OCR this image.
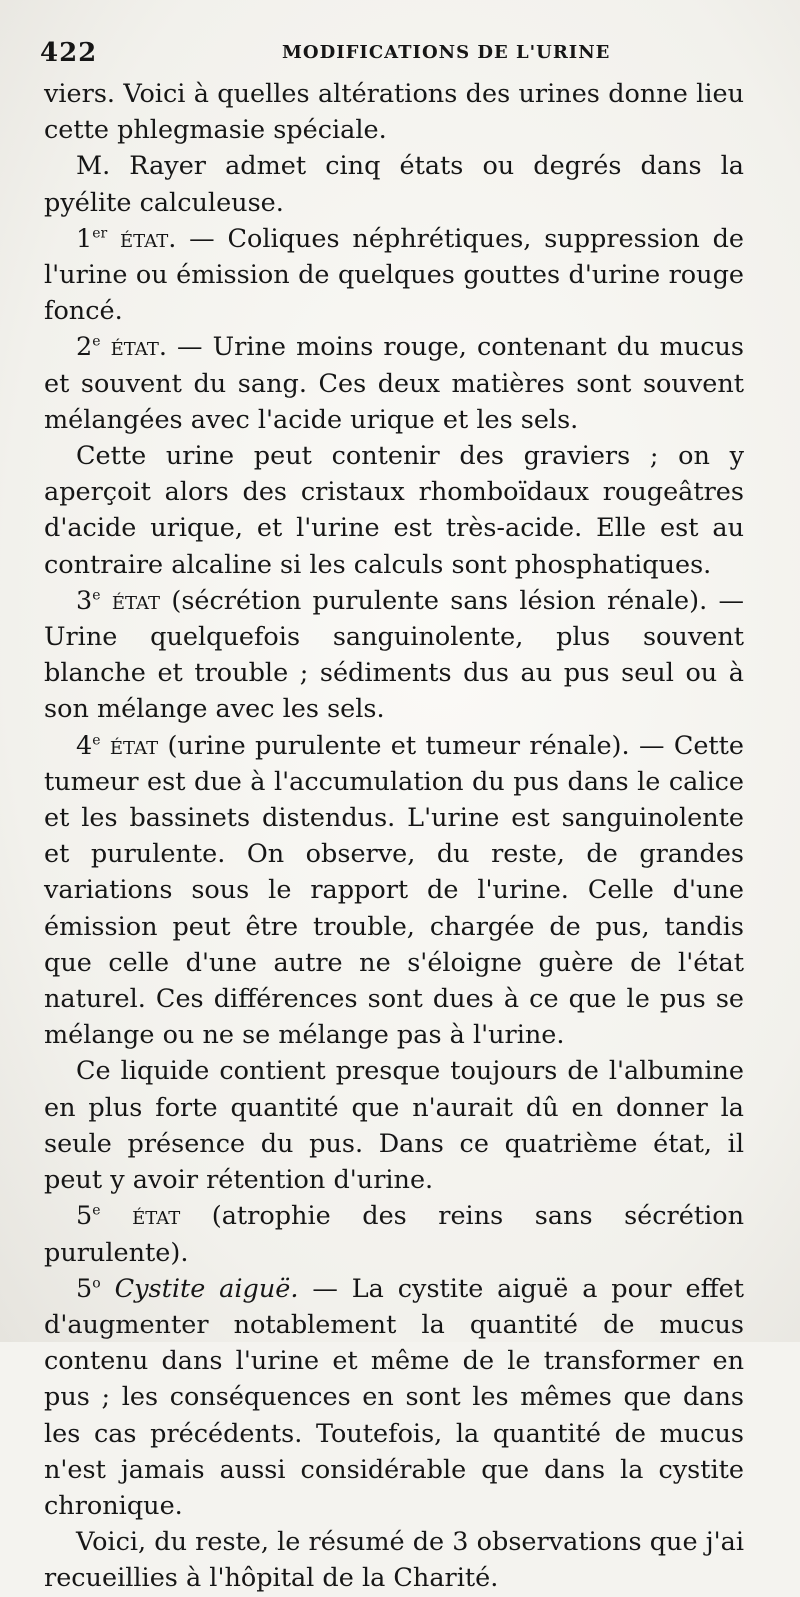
422	MODIFICATIONS DE L'URINE

viers. Voici à quelles altérations des urines donne lieu cette phlegmasie spéciale.

M. Rayer admet cinq états ou degrés dans la pyélite calculeuse.

1er état. — Coliques néphrétiques, suppression de l'urine ou émission de quelques gouttes d'urine rouge foncé.

2e état. — Urine moins rouge, contenant du mucus et souvent du sang. Ces deux matières sont souvent mélangées avec l'acide urique et les sels.

Cette urine peut contenir des graviers ; on y aperçoit alors des cristaux rhomboïdaux rougeâtres d'acide urique, et l'urine est très-acide. Elle est au contraire alcaline si les calculs sont phosphatiques.

3e état (sécrétion purulente sans lésion rénale). — Urine quelquefois sanguinolente, plus souvent blanche et trouble ; sédiments dus au pus seul ou à son mélange avec les sels.

4e état (urine purulente et tumeur rénale). — Cette tumeur est due à l'accumulation du pus dans le calice et les bassinets distendus. L'urine est sanguinolente et purulente. On observe, du reste, de grandes variations sous le rapport de l'urine. Celle d'une émission peut être trouble, chargée de pus, tandis que celle d'une autre ne s'éloigne guère de l'état naturel. Ces différences sont dues à ce que le pus se mélange ou ne se mélange pas à l'urine.

Ce liquide contient presque toujours de l'albumine en plus forte quantité que n'aurait dû en donner la seule présence du pus. Dans ce quatrième état, il peut y avoir rétention d'urine.

5e état (atrophie des reins sans sécrétion purulente).

5$^o$ Cystite aiguë. — La cystite aiguë a pour effet d'augmenter notablement la quantité de mucus contenu dans l'urine et même de le transformer en pus ; les conséquences en sont les mêmes que dans les cas précédents. Toutefois, la quantité de mucus n'est jamais aussi considérable que dans la cystite chronique.

Voici, du reste, le résumé de 3 observations que j'ai recueillies à l'hôpital de la Charité.
